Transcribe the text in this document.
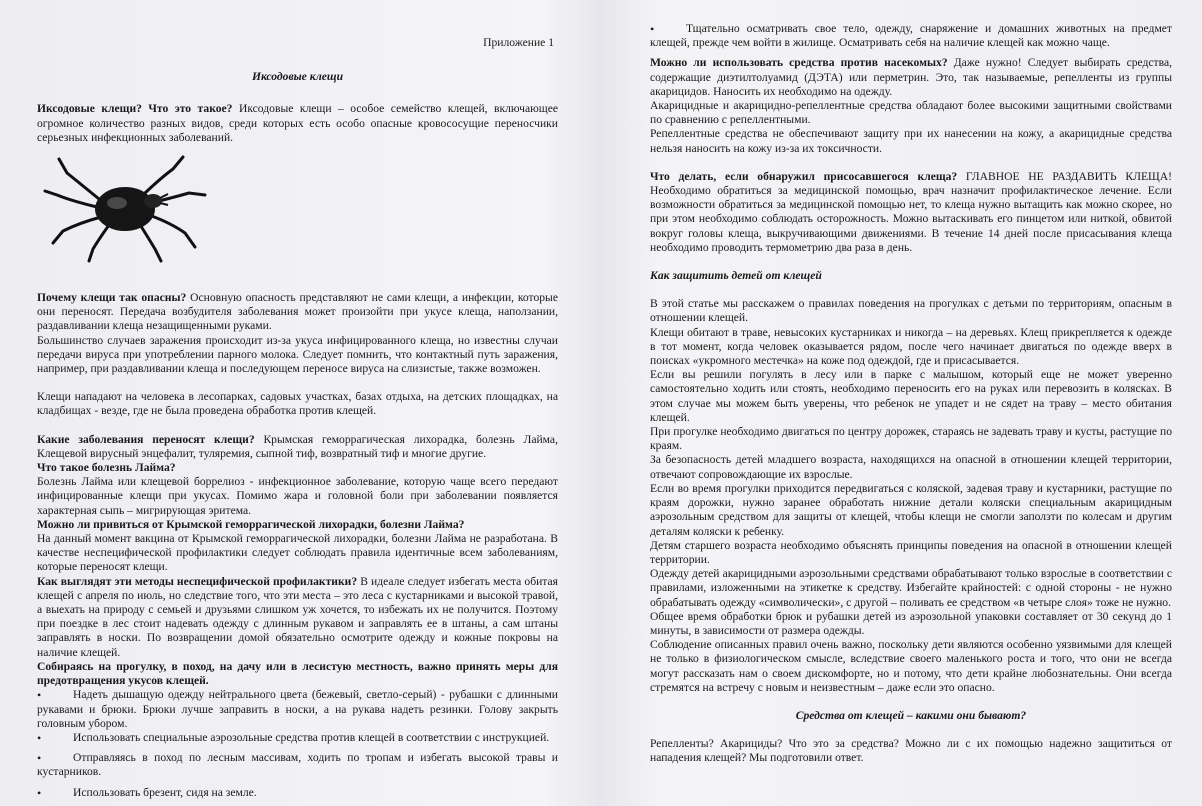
Приложение 1

Иксодовые клещи

Иксодовые клещи? Что это такое? Иксодовые клещи – особое семейство клещей, включающее огромное количество разных видов, среди которых есть особо опасные кровососущие переносчики серьезных инфекционных заболеваний.

Почему клещи так опасны? Основную опасность представляют не сами клещи, а инфекции, которые они переносят. Передача возбудителя заболевания может произойти при укусе клеща, наползании, раздавливании клеща незащищенными руками.

Большинство случаев заражения происходит из-за укуса инфицированного клеща, но известны случаи передачи вируса при употреблении парного молока. Следует помнить, что контактный путь заражения, например, при раздавливании клеща и последующем переносе вируса на слизистые, также возможен.

Клещи нападают на человека в лесопарках, садовых участках, базах отдыха, на детских площадках, на кладбищах - везде, где не была проведена обработка против клещей.

Какие заболевания переносят клещи? Крымская геморрагическая лихорадка, болезнь Лайма, Клещевой вирусный энцефалит, туляремия, сыпной тиф, возвратный тиф и многие другие.

Что такое болезнь Лайма?

Болезнь Лайма или клещевой боррелиоз - инфекционное заболевание, которую чаще всего передают инфицированные клещи при укусах. Помимо жара и головной боли при заболевании появляется характерная сыпь – мигрирующая эритема.

Можно ли привиться от Крымской геморрагической лихорадки, болезни Лайма?

На данный момент вакцина от Крымской геморрагической лихорадки, болезни Лайма не разработана. В качестве неспецифической профилактики следует соблюдать правила идентичные всем заболеваниям, которые переносят клещи.

Как выглядят эти методы неспецифической профилактики? В идеале следует избегать места обитая клещей с апреля по июль, но следствие того, что эти места – это леса с кустарниками и высокой травой, а выехать на природу с семьей и друзьями слишком уж хочется, то избежать их не получится. Поэтому при поездке в лес стоит надевать одежду с длинным рукавом и заправлять ее в штаны, а сам штаны заправлять в носки. По возвращении домой обязательно осмотрите одежду и кожные покровы на наличие клещей.

Собираясь на прогулку, в поход, на дачу или в лесистую местность, важно принять меры для предотвращения укусов клещей.

•	Надеть дышащую одежду нейтрального цвета (бежевый, светло-серый) - рубашки с длинными рукавами и брюки. Брюки лучше заправить в носки, а на рукава надеть резинки. Голову закрыть головным убором.

•	Использовать специальные аэрозольные средства против клещей в соответствии с инструкцией.

•	Отправляясь в поход по лесным массивам, ходить по тропам и избегать высокой травы и кустарников.

•	Использовать брезент, сидя на земле.

•	Тщательно осматривать свое тело, одежду, снаряжение и домашних животных на предмет клещей, прежде чем войти в жилище. Осматривать себя на наличие клещей как можно чаще.

Можно ли использовать средства против насекомых? Даже нужно! Следует выбирать средства, содержащие диэтилтолуамид (ДЭТА) или перметрин. Это, так называемые, репелленты из группы акарицидов. Наносить их необходимо на одежду.

Акарицидные и акарицидно-репеллентные средства обладают более высокими защитными свойствами по сравнению с репеллентными.

Репеллентные средства не обеспечивают защиту при их нанесении на кожу, а акарицидные средства нельзя наносить на кожу из-за их токсичности.

Что делать, если обнаружил присосавшегося клеща? ГЛАВНОЕ НЕ РАЗДАВИТЬ КЛЕЩА! Необходимо обратиться за медицинской помощью, врач назначит профилактическое лечение. Если возможности обратиться за медицинской помощью нет, то клеща нужно вытащить как можно скорее, но при этом необходимо соблюдать осторожность. Можно вытаскивать его пинцетом или ниткой, обвитой вокруг головы клеща, выкручивающими движениями. В течение 14 дней после присасывания клеща необходимо проводить термометрию два раза в день.

Как защитить детей от клещей

В этой статье мы расскажем о правилах поведения на прогулках с детьми по территориям, опасным в отношении клещей.

Клещи обитают в траве, невысоких кустарниках и никогда – на деревьях. Клещ прикрепляется к одежде в тот момент, когда человек оказывается рядом, после чего начинает двигаться по одежде вверх в поисках «укромного местечка» на коже под одеждой, где и присасывается.

Если вы решили погулять в лесу или в парке с малышом, который еще не может уверенно самостоятельно ходить или стоять, необходимо переносить его на руках или перевозить в колясках. В этом случае мы можем быть уверены, что ребенок не упадет и не сядет на траву – место обитания клещей.

При прогулке необходимо двигаться по центру дорожек, стараясь не задевать траву и кусты, растущие по краям.

За безопасность детей младшего возраста, находящихся на опасной в отношении клещей территории, отвечают сопровождающие их взрослые.

Если во время прогулки приходится передвигаться с коляской, задевая траву и кустарники, растущие по краям дорожки, нужно заранее обработать нижние детали коляски специальным акарицидным аэрозольным средством для защиты от клещей, чтобы клещи не смогли заползти по колесам и другим деталям коляски к ребенку.

Детям старшего возраста необходимо объяснять принципы поведения на опасной в отношении клещей территории.

Одежду детей акарицидными аэрозольными средствами обрабатывают только взрослые в соответствии с правилами, изложенными на этикетке к средству. Избегайте крайностей: с одной стороны - не нужно обрабатывать одежду «символически», с другой – поливать ее средством «в четыре слоя» тоже не нужно.

Общее время обработки брюк и рубашки детей из аэрозольной упаковки составляет от 30 секунд до 1 минуты, в зависимости от размера одежды.

Соблюдение описанных правил очень важно, поскольку дети являются особенно уязвимыми для клещей не только в физиологическом смысле, вследствие своего маленького роста и того, что они не всегда могут рассказать нам о своем дискомфорте, но и потому, что дети крайне любознательны. Они всегда стремятся на встречу с новым и неизвестным – даже если это опасно.

Средства от клещей – какими они бывают?

Репелленты? Акарициды? Что это за средства? Можно ли с их помощью надежно защититься от нападения клещей? Мы подготовили ответ.
